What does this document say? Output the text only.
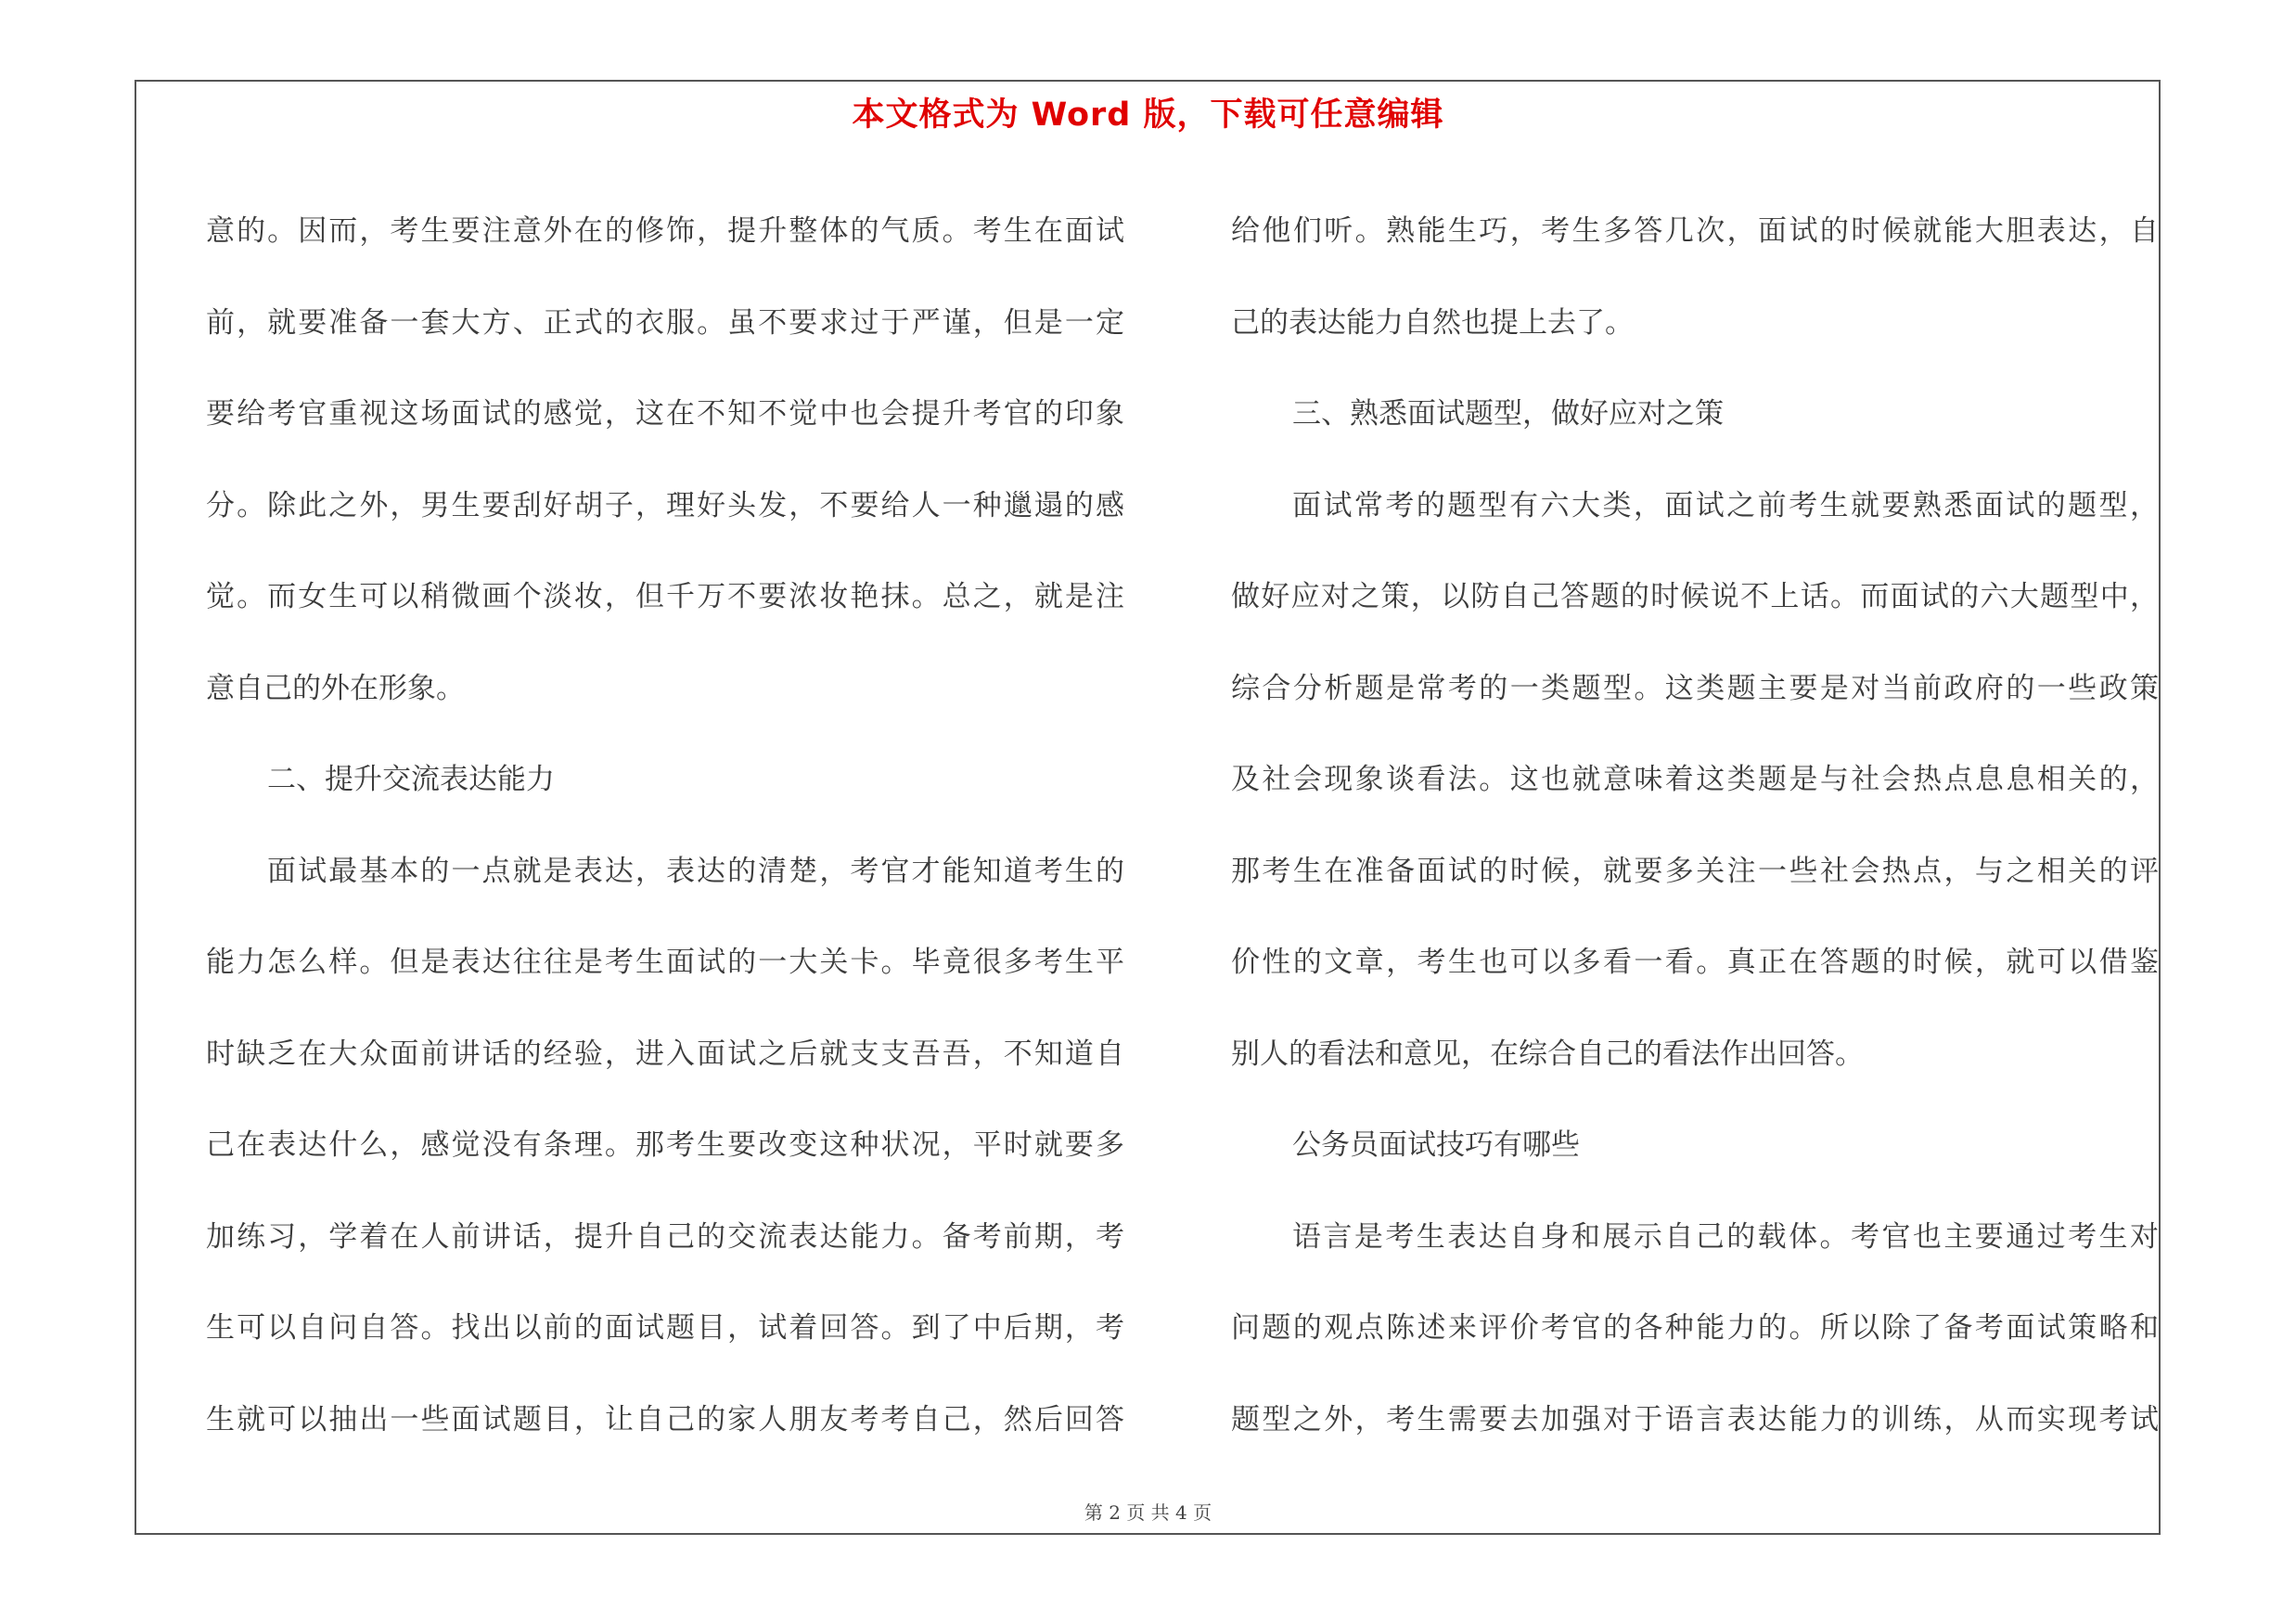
本文格式为 Word 版，下载可任意编辑
意的。因而，考生要注意外在的修饰，提升整体的气质。考生在面试
前，就要准备一套大方、正式的衣服。虽不要求过于严谨，但是一定
要给考官重视这场面试的感觉，这在不知不觉中也会提升考官的印象
分。除此之外，男生要刮好胡子，理好头发，不要给人一种邋遢的感
觉。而女生可以稍微画个淡妆，但千万不要浓妆艳抹。总之，就是注
意自己的外在形象。
二、提升交流表达能力
面试最基本的一点就是表达，表达的清楚，考官才能知道考生的
能力怎么样。但是表达往往是考生面试的一大关卡。毕竟很多考生平
时缺乏在大众面前讲话的经验，进入面试之后就支支吾吾，不知道自
己在表达什么，感觉没有条理。那考生要改变这种状况，平时就要多
加练习，学着在人前讲话，提升自己的交流表达能力。备考前期，考
生可以自问自答。找出以前的面试题目，试着回答。到了中后期，考
生就可以抽出一些面试题目，让自己的家人朋友考考自己，然后回答
给他们听。熟能生巧，考生多答几次，面试的时候就能大胆表达，自
己的表达能力自然也提上去了。
三、熟悉面试题型，做好应对之策
面试常考的题型有六大类，面试之前考生就要熟悉面试的题型，
做好应对之策，以防自己答题的时候说不上话。而面试的六大题型中，
综合分析题是常考的一类题型。这类题主要是对当前政府的一些政策
及社会现象谈看法。这也就意味着这类题是与社会热点息息相关的，
那考生在准备面试的时候，就要多关注一些社会热点，与之相关的评
价性的文章，考生也可以多看一看。真正在答题的时候，就可以借鉴
别人的看法和意见，在综合自己的看法作出回答。
公务员面试技巧有哪些
语言是考生表达自身和展示自己的载体。考官也主要通过考生对
问题的观点陈述来评价考官的各种能力的。所以除了备考面试策略和
题型之外，考生需要去加强对于语言表达能力的训练，从而实现考试
第 2 页 共 4 页
